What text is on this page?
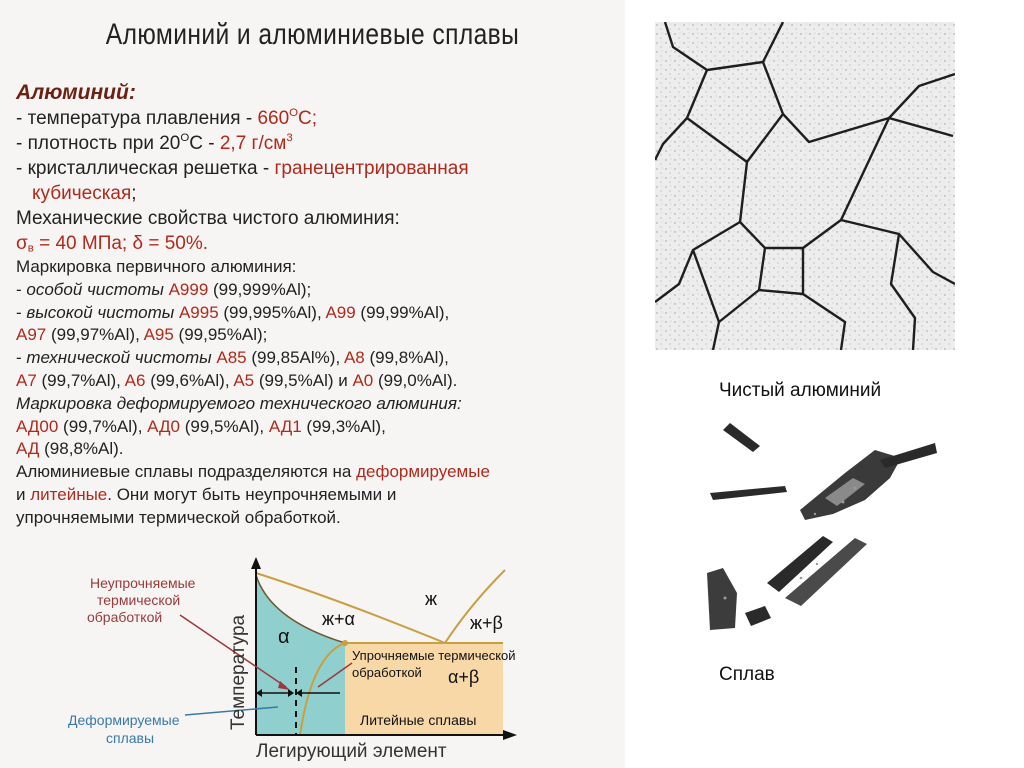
Алюминий и алюминиевые сплавы
Алюминий:
- температура плавления - $660^OC$;
- плотность при $20^OC - 2,7$ $г/см^3$
- кристаллическая решетка - гранецентрированная
кубическая;
Механические свойства чистого алюминия:
$\sigma_в = 40$ МПа; δ = 50%.
Маркировка первичного алюминия:
- особой чистоты A999 (99,999%Al);
- высокой чистоты A995 (99,995%Al), A99 (99,99%Al),
A97 (99,97%Al), A95 (99,95%Al);
- технической чистоты A85 (99,85Al%), A8 (99,8%Al),
A7 (99,7%Al), A6 (99,6%Al), A5 (99,5%Al) и A0 (99,0%Al).
Маркировка деформируемого технического алюминия:
АД00 (99,7%Al), АД0 (99,5%Al), АД1 (99,3%Al),
АД (98,8%Al).
Алюминиевые сплавы подразделяются на деформируемые
и литейные. Они могут быть неупрочняемыми и
упрочняемыми термической обработкой.
α
ж+α
ж
ж+β
α+β
Упрочняемые термической
обработкой
Литейные сплавы
Неупрочняемые
термической
обработкой
Деформируемые
сплавы
Температура
Легирующий элемент
Чистый алюминий
Сплав
